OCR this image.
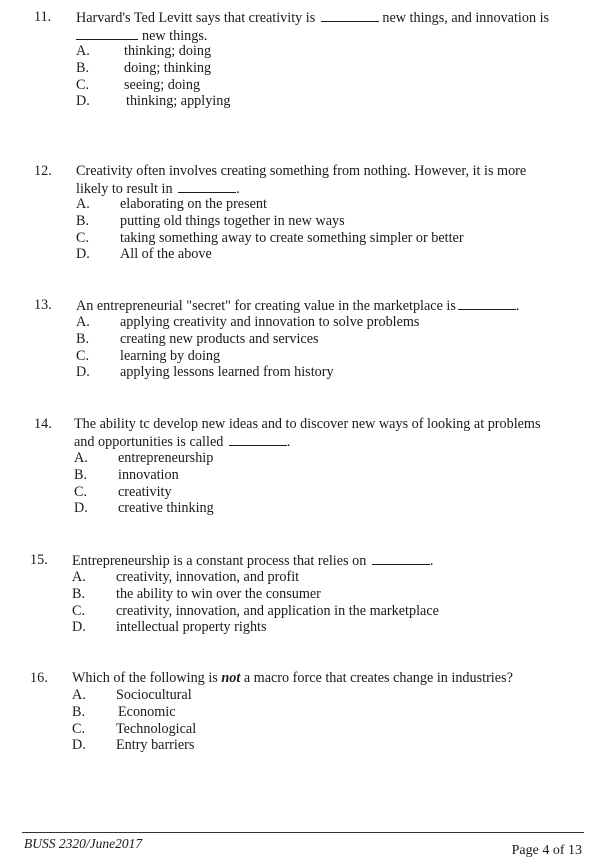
11. Harvard's Ted Levitt says that creativity is	new things, and innovation is
new things.
A. thinking; doing
B. doing; thinking
C. seeing; doing
D.	thinking; applying
12. Creativity often involves creating something from nothing. However, it is more
likely to result in	.
A. elaborating on the present
B. putting old things together in new ways
C. taking something away to create something simpler or better
D. All of the above
13. An entrepreneurial "secret" for creating value in the marketplace is	.
A. applying creativity and innovation to solve problems
B. creating new products and services
C. learning by doing
D. applying lessons learned from history
14. The ability tc develop new ideas and to discover new ways of looking at problems
and opportunities is called	.
A. entrepreneurship
B. innovation
C. creativity
D. creative thinking
15. Entrepreneurship is a constant process that relies on	.
A. creativity, innovation, and profit
B. the ability to win over the consumer
C. creativity, innovation, and application in the marketplace
D. intellectual property rights
16. Which of the following is not a macro force that creates change in industries?
A. Sociocultural
B. Economic
C. Technological
D. Entry barriers
BUSS 2320/June2017	Page 4 of 13
